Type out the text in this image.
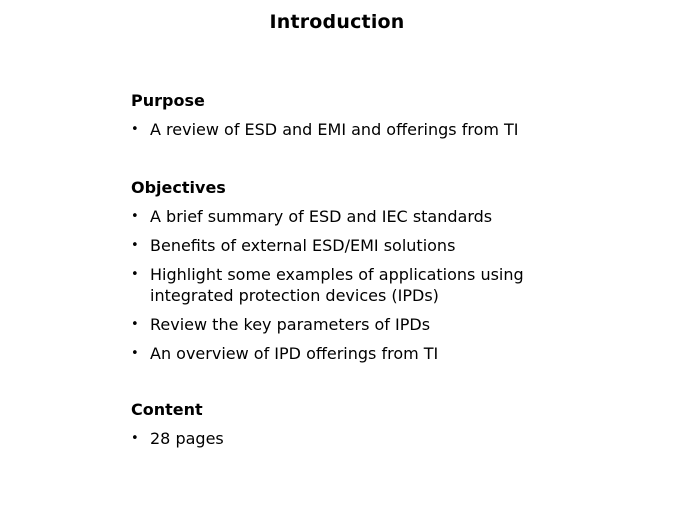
Introduction
Purpose
• A review of ESD and EMI and offerings from TI
Objectives
• A brief summary of ESD and IEC standards
• Benefits of external ESD/EMI solutions
• Highlight some examples of applications using integrated protection devices (IPDs)
• Review the key parameters of IPDs
• An overview of IPD offerings from TI
Content
• 28 pages
